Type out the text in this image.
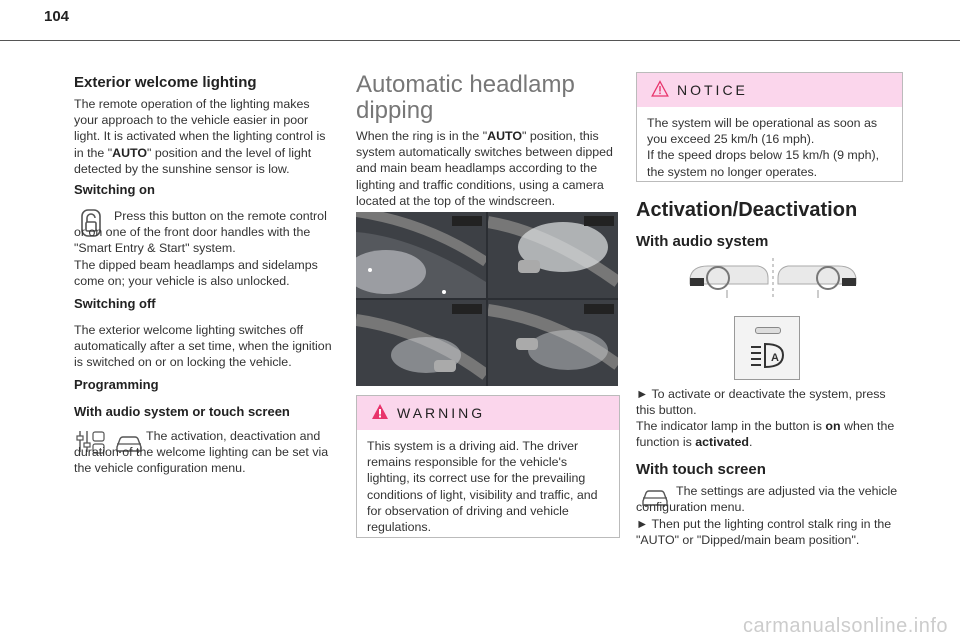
104
Exterior welcome lighting

The remote operation of the lighting makes your approach to the vehicle easier in poor light. It is activated when the lighting control is in the "AUTO" position and the level of light detected by the sunshine sensor is low.

Switching on

Press this button on the remote control or on one of the front door handles with the "Smart Entry & Start" system.

The dipped beam headlamps and sidelamps come on; your vehicle is also unlocked.

Switching off

The exterior welcome lighting switches off automatically after a set time, when the ignition is switched on or on locking the vehicle.

Programming
With audio system or touch screen

The activation, deactivation and duration of the welcome lighting can be set via the vehicle configuration menu.

Automatic headlamp dipping

When the ring is in the "AUTO" position, this system automatically switches between dipped and main beam headlamps according to the lighting and traffic conditions, using a camera located at the top of the windscreen.

WARNING

This system is a driving aid. The driver remains responsible for the vehicle's lighting, its correct use for the prevailing conditions of light, visibility and traffic, and for observation of driving and vehicle regulations.

NOTICE

The system will be operational as soon as you exceed 25 km/h (16 mph).

If the speed drops below 15 km/h (9 mph), the system no longer operates.

Activation/Deactivation
With audio system
A

► To activate or deactivate the system, press this button.

The indicator lamp in the button is on when the function is activated.

With touch screen

The settings are adjusted via the vehicle configuration menu.

► Then put the lighting control stalk ring in the "AUTO" or "Dipped/main beam position".

carmanualsonline.info
